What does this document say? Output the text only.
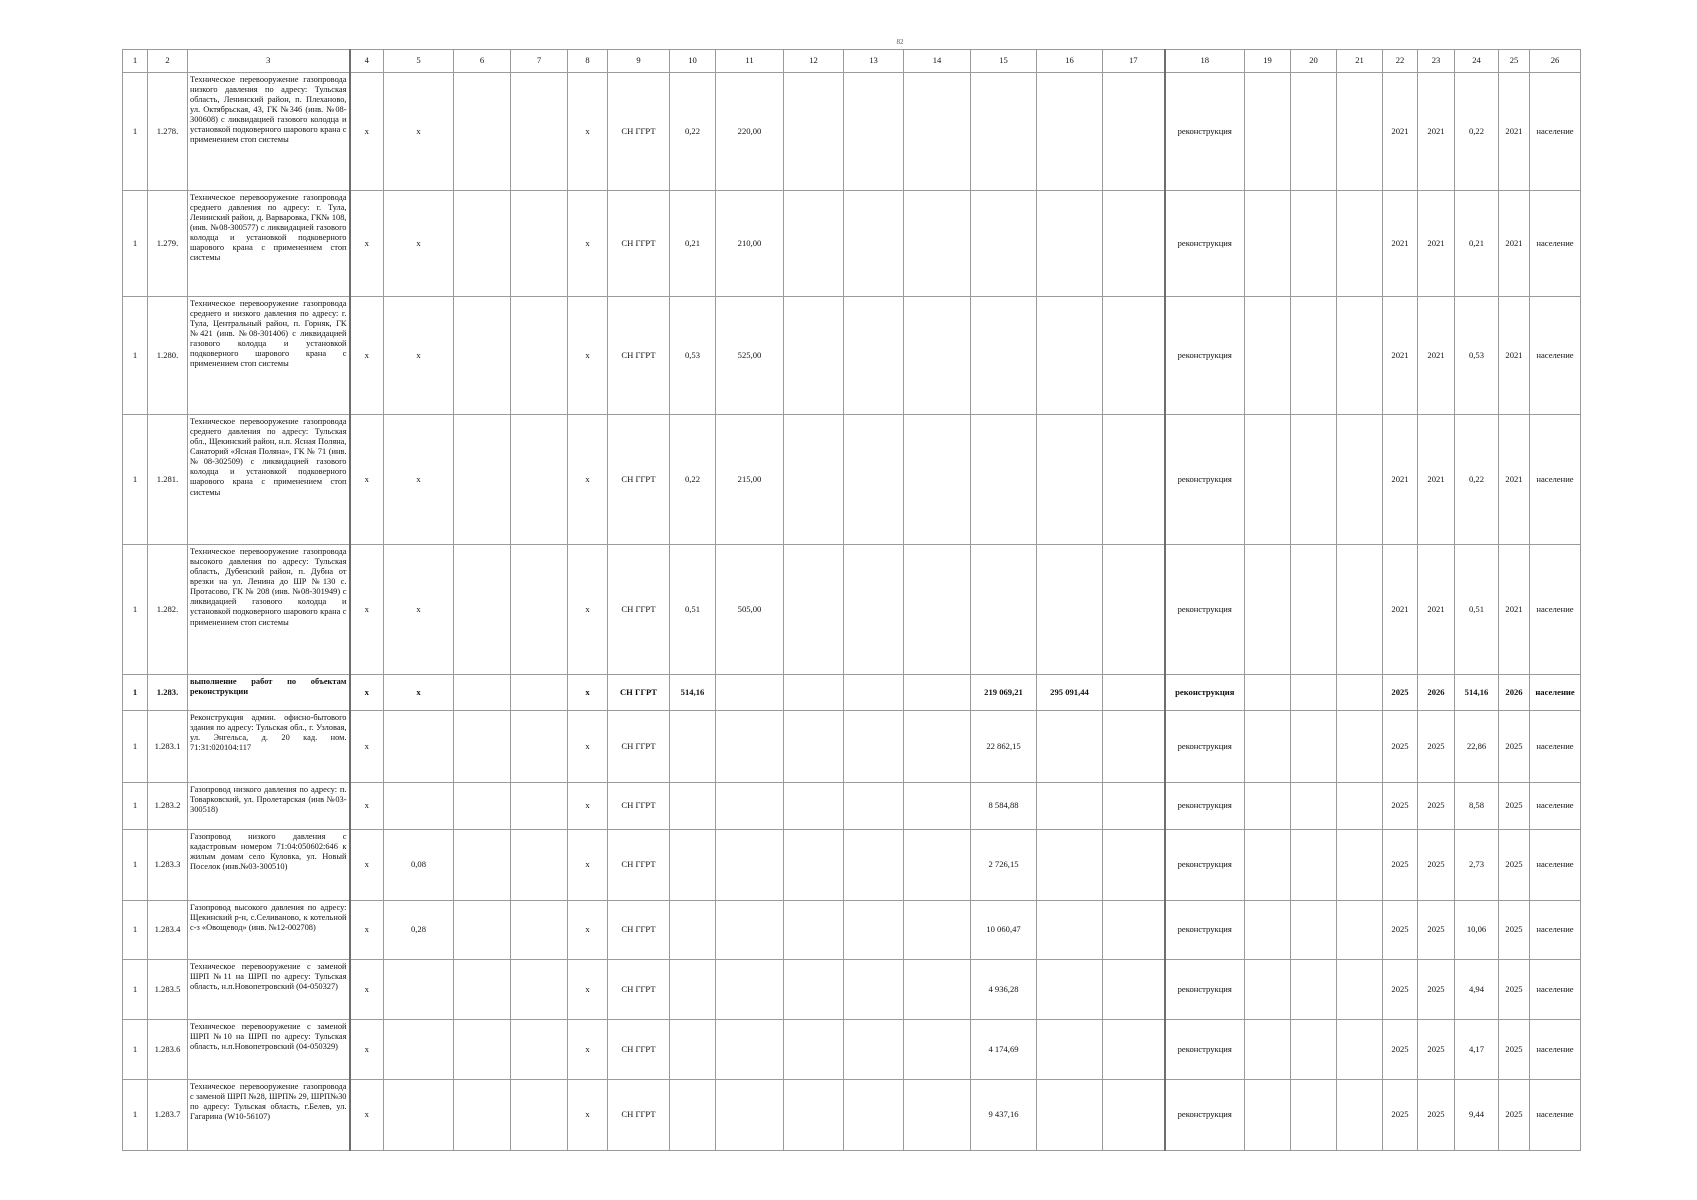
82
1	2	3	4	5	6	7	8	9	10	11	12	13	14	15	16	17	18	19	20	21	22	23	24	25	26
1	1.278.	Техническое перевооружение газопровода низкого давления по адресу: Тульская область, Ленинский район, п. Плеханово, ул. Октябрьская, 43, ГК №346 (инв. №08-300608) с ликвидацией газового колодца и установкой подковерного шарового крана с применением стоп системы	x	x			x	СН ГГРТ	0,22	220,00							реконструкция				2021	2021	0,22	2021	население
1	1.279.	Техническое перевооружение газопровода среднего давления по адресу: г. Тула, Ленинский район, д. Варваровка, ГК№ 108, (инв. №08-300577) с ликвидацией газового колодца и установкой подковерного шарового крана с применением стоп системы	x	x			x	СН ГГРТ	0,21	210,00							реконструкция				2021	2021	0,21	2021	население
1	1.280.	Техническое перевооружение газопровода среднего и низкого давления по адресу: г. Тула, Центральный район, п. Горняк, ГК №421 (инв. №08-301406) с ликвидацией газового колодца и установкой подковерного шарового крана с применением стоп системы	x	x			x	СН ГГРТ	0,53	525,00							реконструкция				2021	2021	0,53	2021	население
1	1.281.	Техническое перевооружение газопровода среднего давления по адресу: Тульская обл., Щекинский район, н.п. Ясная Поляна, Санаторий «Ясная Поляна», ГК № 71 (инв. №08-302509) с ликвидацией газового колодца и установкой подковерного шарового крана с применением стоп системы	x	x			x	СН ГГРТ	0,22	215,00							реконструкция				2021	2021	0,22	2021	население
1	1.282.	Техническое перевооружение газопровода высокого давления по адресу: Тульская область, Дубенский район, п. Дубна от врезки на ул. Ленина до ШР №130 с. Протасово, ГК № 208 (инв. №08-301949) с ликвидацией газового колодца и установкой подковерного шарового крана с применением стоп системы	x	x			x	СН ГГРТ	0,51	505,00							реконструкция				2021	2021	0,51	2021	население
1	1.283.	выполнение работ по объектам реконструкции	x	x			x	СН ГГРТ	514,16					219 069,21	295 091,44		реконструкция				2025	2026	514,16	2026	население
1	1.283.1	Реконструкция админ. офисно-бытового здания по адресу: Тульская обл., г. Узловая, ул. Энгельса, д. 20 кад. ном. 71:31:020104:117	x				x	СН ГГРТ						22 862,15			реконструкция				2025	2025	22,86	2025	население
1	1.283.2	Газопровод низкого давления по адресу: п. Товарковский, ул. Пролетарская (инв №03-300518)	x				x	СН ГГРТ						8 584,88			реконструкция				2025	2025	8,58	2025	население
1	1.283.3	Газопровод низкого давления с кадастровым номером 71:04:050602:646 к жилым домам село Куловка, ул. Новый Поселок (инв.№03-300510)	x	0,08			x	СН ГГРТ						2 726,15			реконструкция				2025	2025	2,73	2025	население
1	1.283.4	Газопровод высокого давления по адресу: Щекинский р-н, с.Селиваново, к котельной с-з «Овощевод» (инв. №12-002708)	x	0,28			x	СН ГГРТ						10 060,47			реконструкция				2025	2025	10,06	2025	население
1	1.283.5	Техническое перевооружение с заменой ШРП №11 на ШРП по адресу: Тульская область, н.п.Новопетровский (04-050327)	x				x	СН ГГРТ						4 936,28			реконструкция				2025	2025	4,94	2025	население
1	1.283.6	Техническое перевооружение с заменой ШРП №10 на ШРП по адресу: Тульская область, н.п.Новопетровский (04-050329)	x				x	СН ГГРТ						4 174,69			реконструкция				2025	2025	4,17	2025	население
1	1.283.7	Техническое перевооружение газопровода с заменой ШРП №28, ШРП№ 29, ШРП№30 по адресу: Тульская область, г.Белев, ул. Гагарина (W10-56107)	x				x	СН ГГРТ						9 437,16			реконструкция				2025	2025	9,44	2025	население
